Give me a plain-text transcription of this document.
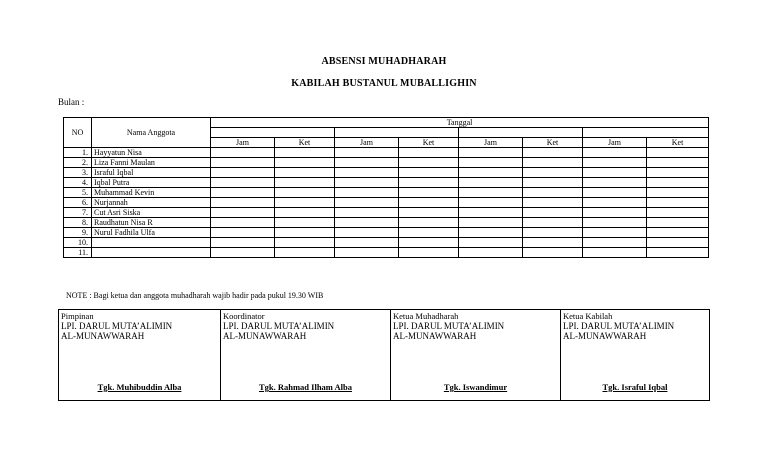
ABSENSI MUHADHARAH
KABILAH BUSTANUL MUBALLIGHIN
Bulan :
NO	Nama Anggota	Tanggal							

		Jam	Ket	Jam	Ket	Jam	Ket	Jam	Ket
1.	Hayyatun Nisa								
2.	Liza Fanni Maulan								
3.	Israful Iqbal								
4.	Iqbal Putra								
5.	Muhammad Kevin								
6.	Nurjannah								
7.	Cut Asri Siska								
8.	Raudhatun Nisa R								
9.	Nurul Fadhila Ulfa								
10.									
11.									
NOTE : Bagi ketua dan anggota muhadharah wajib hadir pada pukul 19.30 WIB
Pimpinan
LPI. DARUL MUTA’ALIMIN
AL-MUNAWWARAH
Tgk. Muhibuddin Alba
Koordinator
LPI. DARUL MUTA’ALIMIN
AL-MUNAWWARAH
Tgk. Rahmad Ilham Alba
Ketua Muhadharah
LPI. DARUL MUTA’ALIMIN
AL-MUNAWWARAH
Tgk. Iswandimur
Ketua Kabilah
LPI. DARUL MUTA’ALIMIN
AL-MUNAWWARAH
Tgk. Israful Iqbal
